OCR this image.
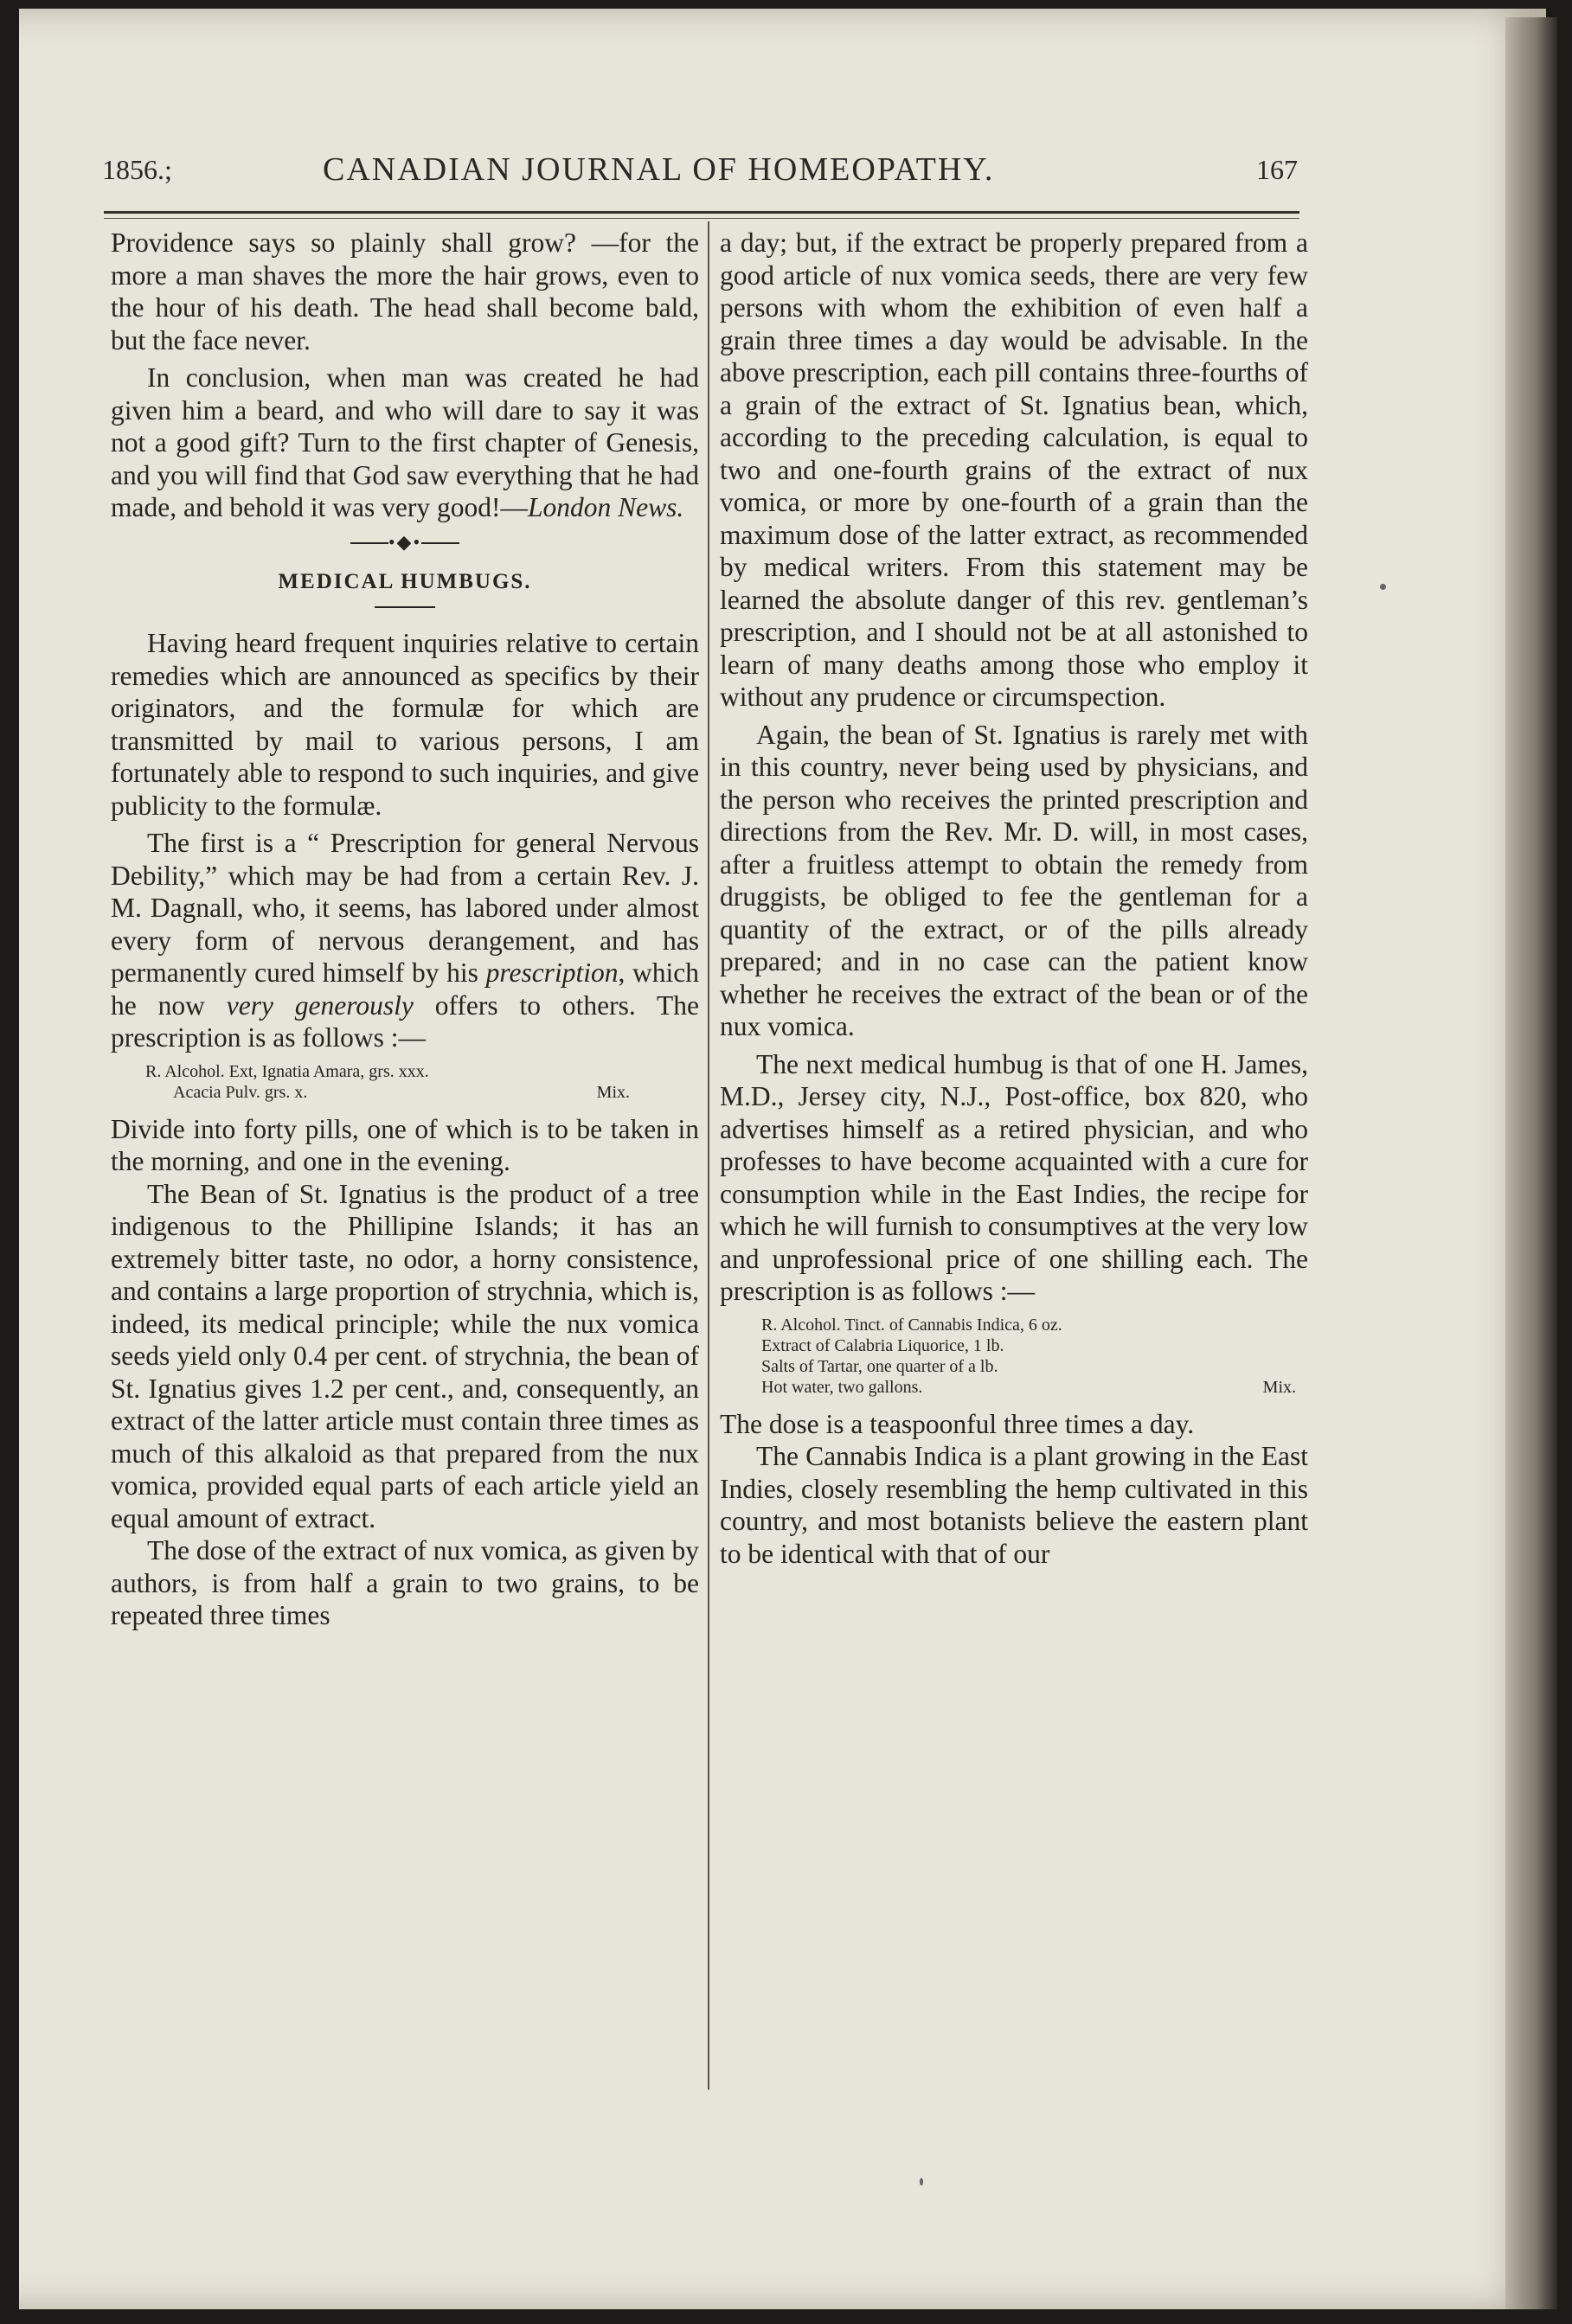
1856.;	CANADIAN JOURNAL OF HOMEOPATHY.	167

Providence says so plainly shall grow? —for the more a man shaves the more the hair grows, even to the hour of his death. The head shall become bald, but the face never.

In conclusion, when man was created he had given him a beard, and who will dare to say it was not a good gift? Turn to the first chapter of Genesis, and you will find that God saw everything that he had made, and behold it was very good!—London News.

•◆•
MEDICAL HUMBUGS.

Having heard frequent inquiries relative to certain remedies which are announced as specifics by their originators, and the formulæ for which are transmitted by mail to various persons, I am fortunately able to respond to such inquiries, and give publicity to the formulæ.

The first is a “ Prescription for general Nervous Debility,” which may be had from a certain Rev. J. M. Dagnall, who, it seems, has labored under almost every form of nervous derangement, and has permanently cured himself by his prescription, which he now very generously offers to others. The prescription is as follows :—

R. Alcohol. Ext, Ignatia Amara, grs. xxx.
Acacia Pulv. grs. x.	Mix.

Divide into forty pills, one of which is to be taken in the morning, and one in the evening.

The Bean of St. Ignatius is the product of a tree indigenous to the Phillipine Islands; it has an extremely bitter taste, no odor, a horny consistence, and contains a large proportion of strychnia, which is, indeed, its medical principle; while the nux vomica seeds yield only 0.4 per cent. of strychnia, the bean of St. Ignatius gives 1.2 per cent., and, consequently, an extract of the latter article must contain three times as much of this alkaloid as that prepared from the nux vomica, provided equal parts of each article yield an equal amount of extract.

The dose of the extract of nux vomica, as given by authors, is from half a grain to two grains, to be repeated three times

a day; but, if the extract be properly prepared from a good article of nux vomica seeds, there are very few persons with whom the exhibition of even half a grain three times a day would be advisable. In the above prescription, each pill contains three-fourths of a grain of the extract of St. Ignatius bean, which, according to the preceding calculation, is equal to two and one-fourth grains of the extract of nux vomica, or more by one-fourth of a grain than the maximum dose of the latter extract, as recommended by medical writers. From this statement may be learned the absolute danger of this rev. gentleman’s prescription, and I should not be at all astonished to learn of many deaths among those who employ it without any prudence or circumspection.

Again, the bean of St. Ignatius is rarely met with in this country, never being used by physicians, and the person who receives the printed prescription and directions from the Rev. Mr. D. will, in most cases, after a fruitless attempt to obtain the remedy from druggists, be obliged to fee the gentleman for a quantity of the extract, or of the pills already prepared; and in no case can the patient know whether he receives the extract of the bean or of the nux vomica.

The next medical humbug is that of one H. James, M.D., Jersey city, N.J., Post-office, box 820, who advertises himself as a retired physician, and who professes to have become acquainted with a cure for consumption while in the East Indies, the recipe for which he will furnish to consumptives at the very low and unprofessional price of one shilling each. The prescription is as follows :—

R. Alcohol. Tinct. of Cannabis Indica, 6 oz.
Extract of Calabria Liquorice, 1 lb.
Salts of Tartar, one quarter of a lb.
Hot water, two gallons.	Mix.

The dose is a teaspoonful three times a day.

The Cannabis Indica is a plant growing in the East Indies, closely resembling the hemp cultivated in this country, and most botanists believe the eastern plant to be identical with that of our
